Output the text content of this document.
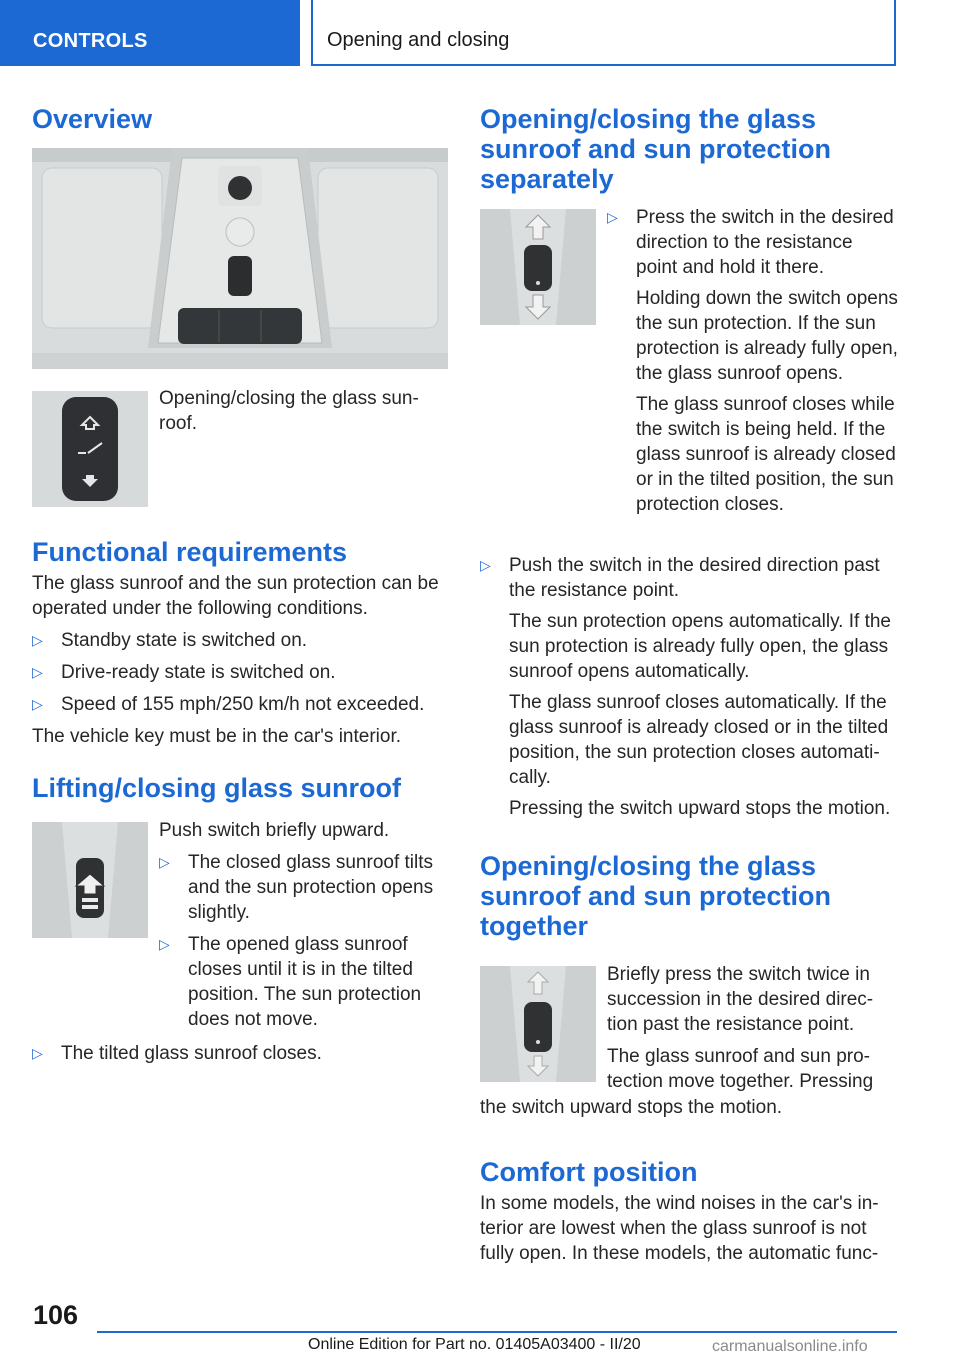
CONTROLS	Opening and closing
Overview

Opening/closing the glass sun-
roof.

Functional requirements

The glass sunroof and the sun protection can be operated under the following conditions.

▷ Standby state is switched on.
▷ Drive-ready state is switched on.
▷ Speed of 155 mph/250 km/h not exceeded.

The vehicle key must be in the car's interior.

Lifting/closing glass sunroof

Push switch briefly upward.

▷ The closed glass sunroof tilts and the sun protection opens slightly.
▷ The opened glass sunroof closes until it is in the tilted position. The sun protection does not move.
▷ The tilted glass sunroof closes.
Opening/closing the glass sunroof and sun protection separately
▷ Press the switch in the desired direction to the resistance point and hold it there.

Holding down the switch opens the sun protection. If the sun protection is already fully open, the glass sunroof opens.

The glass sunroof closes while the switch is being held. If the glass sunroof is already closed or in the tilted position, the sun protection closes.

▷ Push the switch in the desired direction past the resistance point.

The sun protection opens automatically. If the sun protection is already fully open, the glass sunroof opens automatically.

The glass sunroof closes automatically. If the glass sunroof is already closed or in the tilted position, the sun protection closes automati-
cally.

Pressing the switch upward stops the motion.

Opening/closing the glass sunroof and sun protection together

Briefly press the switch twice in succession in the desired direc-
tion past the resistance point.

The glass sunroof and sun pro-
tection move together. Pressing

the switch upward stops the motion.

Comfort position

In some models, the wind noises in the car's in-
terior are lowest when the glass sunroof is not
fully open. In these models, the automatic func-

106
Online Edition for Part no. 01405A03400 - II/20	carmanualsonline.info
